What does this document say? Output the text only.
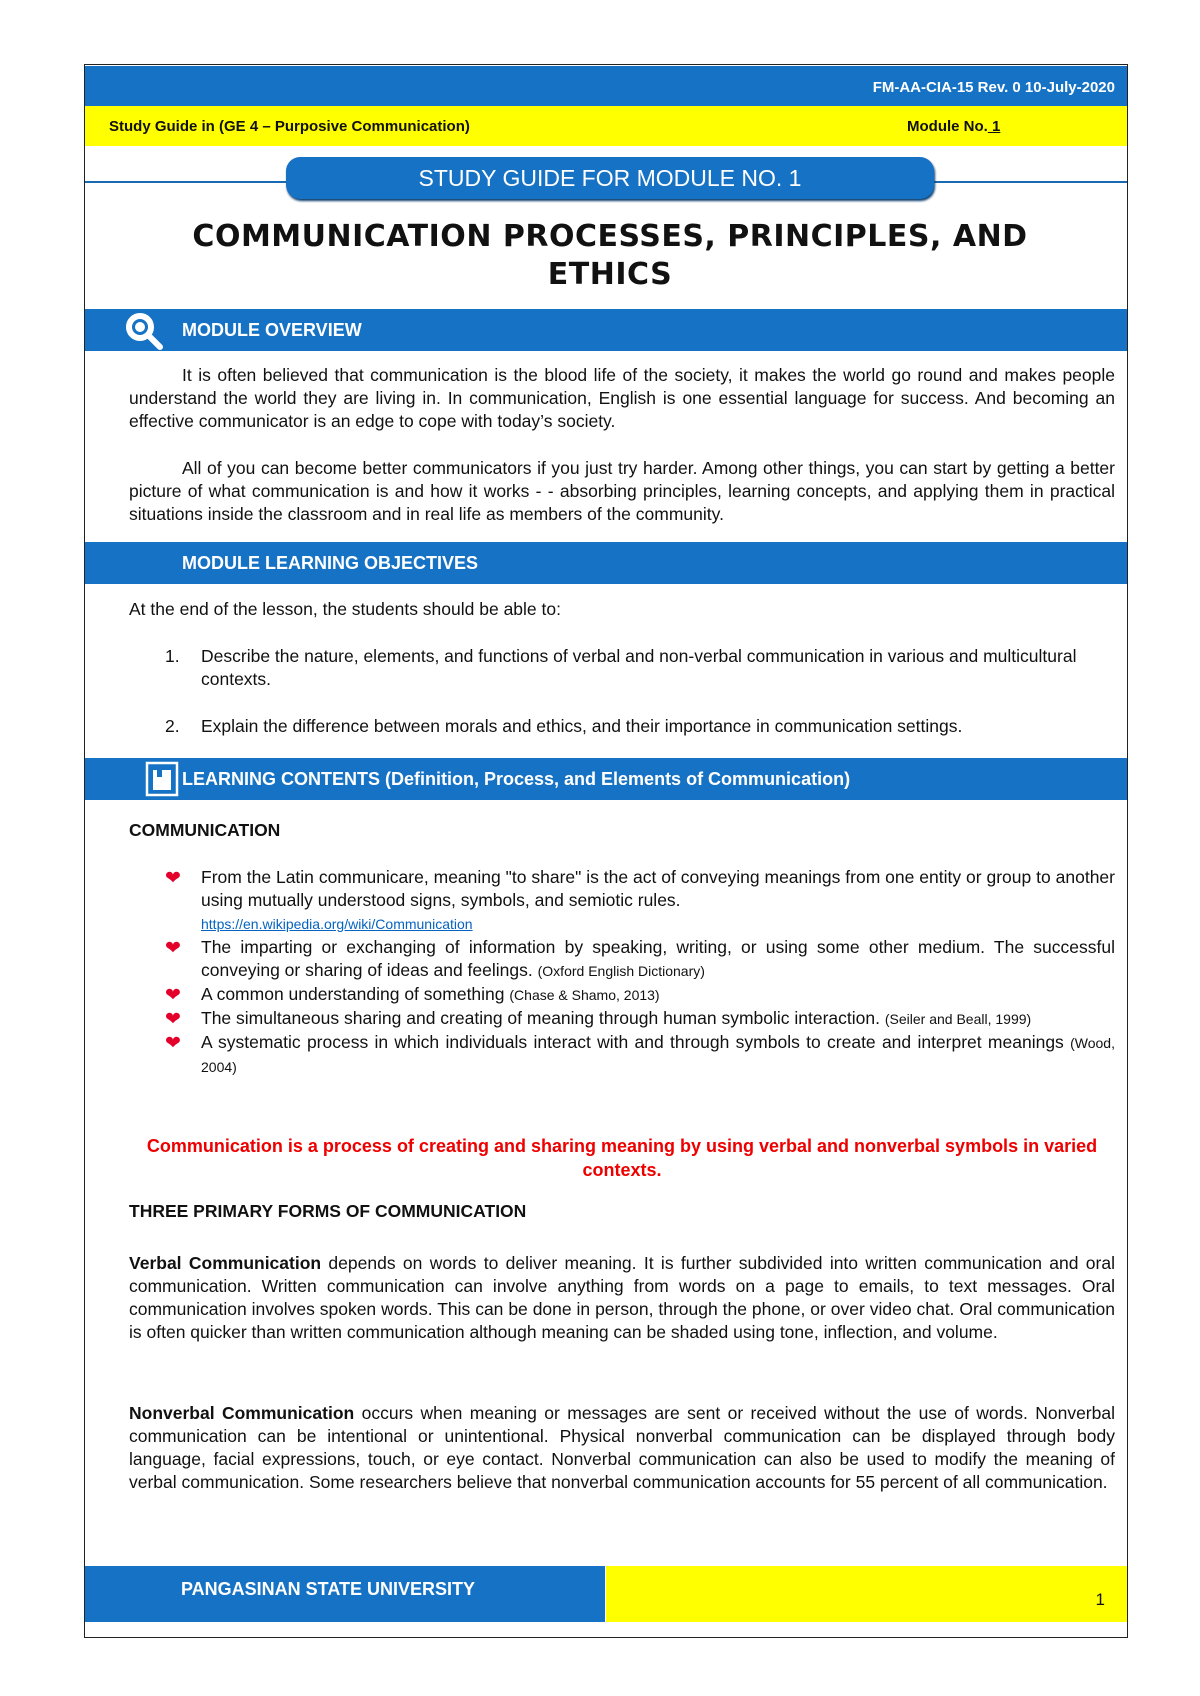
FM-AA-CIA-15 Rev. 0 10-July-2020
Study Guide in (GE 4 – Purposive Communication)	Module No. 1
STUDY GUIDE FOR MODULE NO. 1
COMMUNICATION PROCESSES, PRINCIPLES, AND
ETHICS
MODULE OVERVIEW
It is often believed that communication is the blood life of the society, it makes the world go round and makes people understand the world they are living in. In communication, English is one essential language for success. And becoming an effective communicator is an edge to cope with today’s society.
All of you can become better communicators if you just try harder. Among other things, you can start by getting a better picture of what communication is and how it works - - absorbing principles, learning concepts, and applying them in practical situations inside the classroom and in real life as members of the community.
MODULE LEARNING OBJECTIVES
At the end of the lesson, the students should be able to:
1. Describe the nature, elements, and functions of verbal and non-verbal communication in various and multicultural contexts.
2. Explain the difference between morals and ethics, and their importance in communication settings.
LEARNING CONTENTS (Definition, Process, and Elements of Communication)
COMMUNICATION
❤ From the Latin communicare, meaning "to share" is the act of conveying meanings from one entity or group to another using mutually understood signs, symbols, and semiotic rules.
https://en.wikipedia.org/wiki/Communication
❤ The imparting or exchanging of information by speaking, writing, or using some other medium. The successful conveying or sharing of ideas and feelings. (Oxford English Dictionary)
❤ A common understanding of something (Chase & Shamo, 2013)
❤ The simultaneous sharing and creating of meaning through human symbolic interaction. (Seiler and Beall, 1999)
❤ A systematic process in which individuals interact with and through symbols to create and interpret meanings (Wood, 2004)
Communication is a process of creating and sharing meaning by using verbal and nonverbal symbols in varied contexts.
THREE PRIMARY FORMS OF COMMUNICATION
Verbal Communication depends on words to deliver meaning. It is further subdivided into written communication and oral communication. Written communication can involve anything from words on a page to emails, to text messages. Oral communication involves spoken words. This can be done in person, through the phone, or over video chat. Oral communication is often quicker than written communication although meaning can be shaded using tone, inflection, and volume.
Nonverbal Communication occurs when meaning or messages are sent or received without the use of words. Nonverbal communication can be intentional or unintentional. Physical nonverbal communication can be displayed through body language, facial expressions, touch, or eye contact. Nonverbal communication can also be used to modify the meaning of verbal communication. Some researchers believe that nonverbal communication accounts for 55 percent of all communication.
PANGASINAN STATE UNIVERSITY
1
